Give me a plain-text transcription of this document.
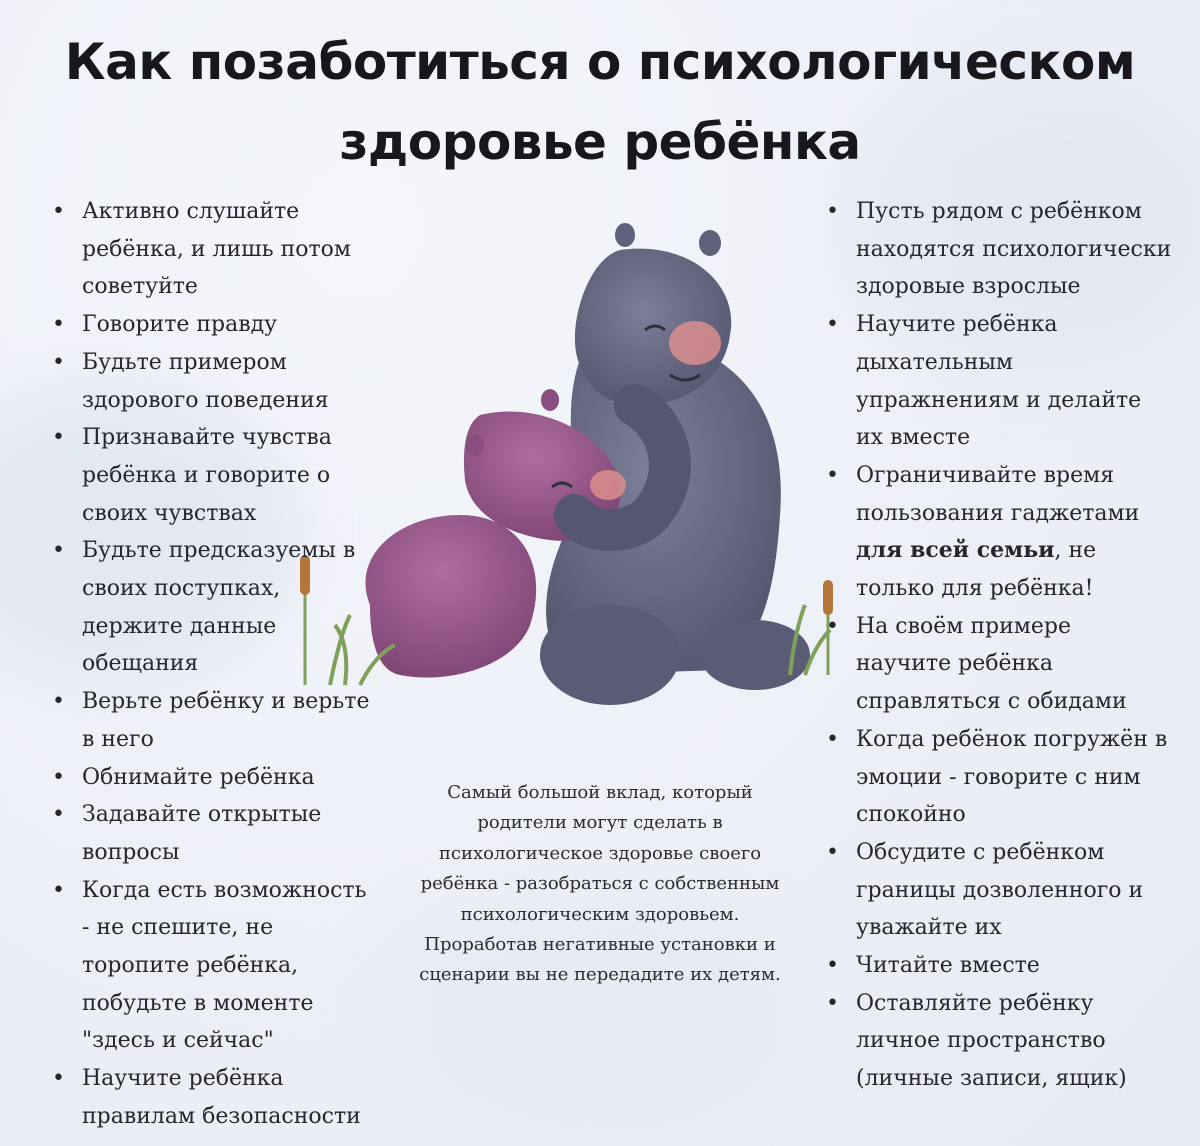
Как позаботиться о психологическом здоровье ребёнка
• Активно слушайте ребёнка, и лишь потом советуйте
• Говорите правду
• Будьте примером здорового поведения
• Признавайте чувства ребёнка и говорите о своих чувствах
• Будьте предсказуемы в своих поступках, держите данные обещания
• Верьте ребёнку и верьте в него
• Обнимайте ребёнка
• Задавайте открытые вопросы
• Когда есть возможность - не спешите, не торопите ребёнка, побудьте в моменте "здесь и сейчас"
• Научите ребёнка правилам безопасности
• Пусть рядом с ребёнком находятся психологически здоровые взрослые
• Научите ребёнка дыхательным упражнениям и делайте их вместе
• Ограничивайте время пользования гаджетами для всей семьи, не только для ребёнка!
• На своём примере научите ребёнка справляться с обидами
• Когда ребёнок погружён в эмоции - говорите с ним спокойно
• Обсудите с ребёнком границы дозволенного и уважайте их
• Читайте вместе
• Оставляйте ребёнку личное пространство (личные записи, ящик)

Самый большой вклад, который родители могут сделать в психологическое здоровье своего ребёнка - разобраться с собственным психологическим здоровьем. Проработав негативные установки и сценарии вы не передадите их детям.
